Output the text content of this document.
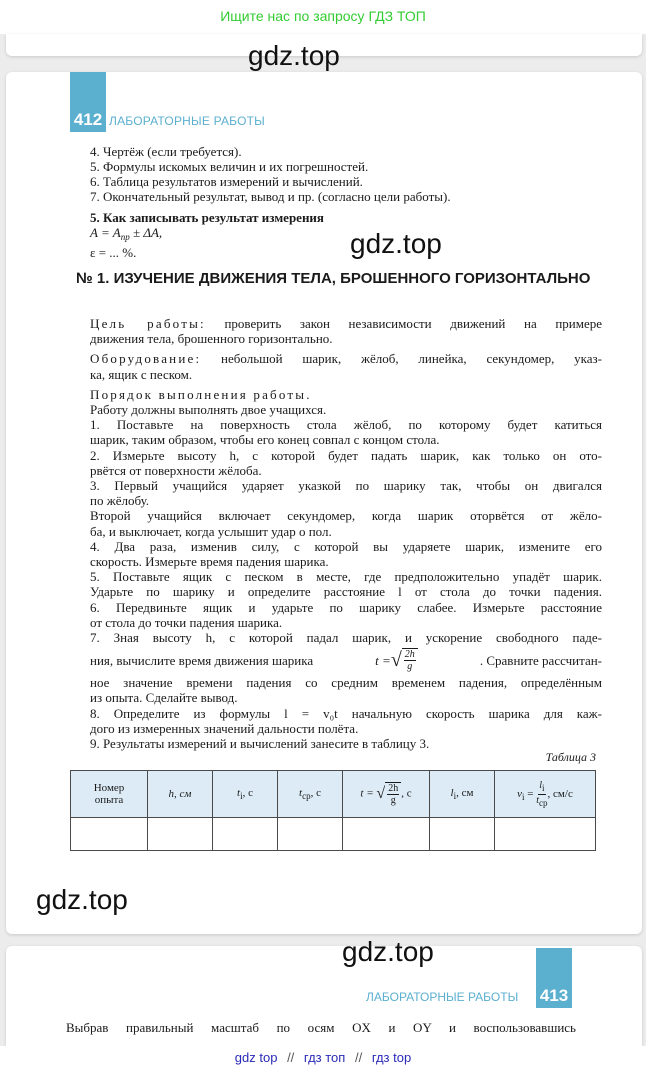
Ищите нас по запросу ГДЗ ТОП
gdz.top
412 ЛАБОРАТОРНЫЕ РАБОТЫ
4. Чертёж (если требуется).
5. Формулы искомых величин и их погрешностей.
6. Таблица результатов измерений и вычислений.
7. Окончательный результат, вывод и пр. (согласно цели работы).
5. Как записывать результат измерения
$A = A_{пр} \pm \Delta A$,
ε = ... %.	gdz.top
№ 1. ИЗУЧЕНИЕ ДВИЖЕНИЯ ТЕЛА, БРОШЕННОГО ГОРИЗОНТАЛЬНО
Цель работы: проверить закон независимости движений на примере
движения тела, брошенного горизонтально.
Оборудование: небольшой шарик, жёлоб, линейка, секундомер, указ-
ка, ящик с песком.
Порядок выполнения работы.
Работу должны выполнять двое учащихся.
1. Поставьте на поверхность стола жёлоб, по которому будет катиться
шарик, таким образом, чтобы его конец совпал с концом стола.
2. Измерьте высоту h, с которой будет падать шарик, как только он ото-
рвётся от поверхности жёлоба.
3. Первый учащийся ударяет указкой по шарику так, чтобы он двигался
по жёлобу.
Второй учащийся включает секундомер, когда шарик оторвётся от жёло-
ба, и выключает, когда услышит удар о пол.
4. Два раза, изменив силу, с которой вы ударяете шарик, измените его
скорость. Измерьте время падения шарика.
5. Поставьте ящик с песком в месте, где предположительно упадёт шарик.
Ударьте по шарику и определите расстояние l от стола до точки падения.
6. Передвиньте ящик и ударьте по шарику слабее. Измерьте расстояние
от стола до точки падения шарика.
7. Зная высоту h, с которой падал шарик, и ускорение свободного паде-
ния, вычислите время движения шарика	t = √ $\frac{2h}{g}$	. Сравните рассчитан-
ное значение времени падения со средним временем падения, определённым
из опыта. Сделайте вывод.
8. Определите из формулы l = v₀t начальную скорость шарика для каж-
дого из измеренных значений дальности полёта.
9. Результаты измерений и вычислений занесите в таблицу 3.
Таблица 3
Номер
опыта	h, см	$t_i$, с	$t_{ср}$, с	t = √ $\frac{2h}{g}$ , с	$l_i$, см	$v_i = \frac{li}{\text{tср}}$ , см/с

gdz.top
ЛАБОРАТОРНЫЕ РАБОТЫ 413
Выбрав правильный масштаб по осям OX и OY и воспользовавшись
gdz.top
gdz top // гдз топ // гдз top
